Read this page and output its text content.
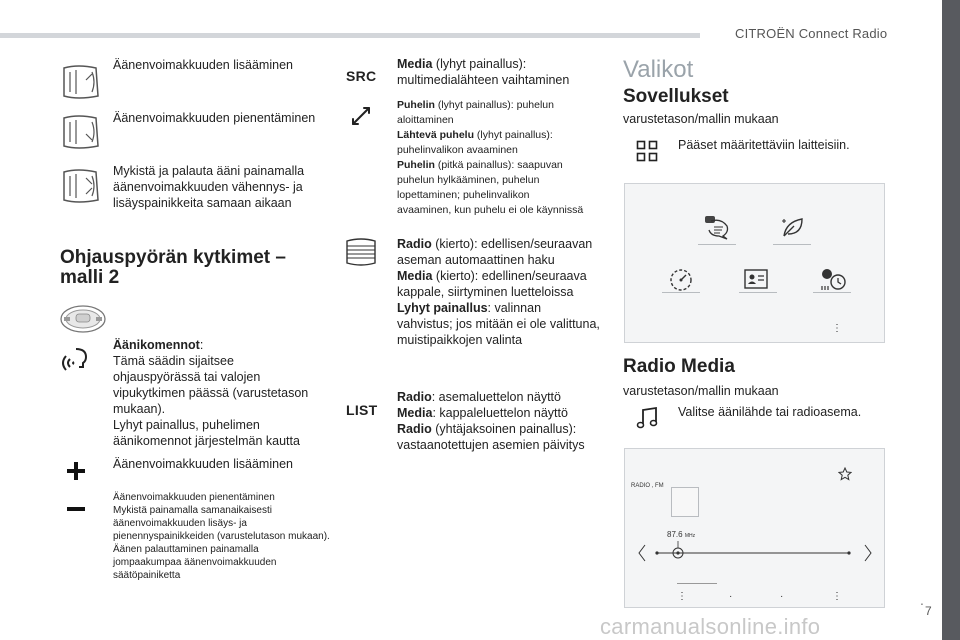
CITROËN Connect Radio
.
7
carmanualsonline.info
Äänenvoimakkuuden lisääminen
Äänenvoimakkuuden pienentäminen
Mykistä ja palauta ääni painamalla
äänenvoimakkuuden vähennys- ja
lisäyspainikkeita samaan aikaan
Ohjauspyörän kytkimet –
malli 2
Äänikomennot:
Tämä säädin sijaitsee
ohjauspyörässä tai valojen
vipukytkimen päässä (varustetason
mukaan).
Lyhyt painallus, puhelimen
äänikomennot järjestelmän kautta
Äänenvoimakkuuden lisääminen
Äänenvoimakkuuden pienentäminen
Mykistä painamalla samanaikaisesti
äänenvoimakkuuden lisäys- ja
pienennyspainikkeiden (varustelutason mukaan).
Äänen palauttaminen painamalla
jompaakumpaa äänenvoimakkuuden
säätöpainiketta
SRC
Media (lyhyt painallus):
multimedialähteen vaihtaminen
Puhelin (lyhyt painallus): puhelun
aloittaminen
Lähtevä puhelu (lyhyt painallus):
puhelinvalikon avaaminen
Puhelin (pitkä painallus): saapuvan
puhelun hylkääminen, puhelun
lopettaminen; puhelinvalikon
avaaminen, kun puhelu ei ole käynnissä
Radio (kierto): edellisen/seuraavan
aseman automaattinen haku
Media (kierto): edellinen/seuraava
kappale, siirtyminen luetteloissa
Lyhyt painallus: valinnan
vahvistus; jos mitään ei ole valittuna,
muistipaikkojen valinta
LIST
Radio: asemaluettelon näyttö
Media: kappaleluettelon näyttö
Radio (yhtäjaksoinen painallus):
vastaanotettujen asemien päivitys
Valikot
Sovellukset
varustetason/mallin mukaan
Pääset määritettäviin laitteisiin.
⋮
Radio Media
varustetason/mallin mukaan
Valitse äänilähde tai radioasema.
RADIO , FM
87.6 MHz
⋮	·	·	⋮
